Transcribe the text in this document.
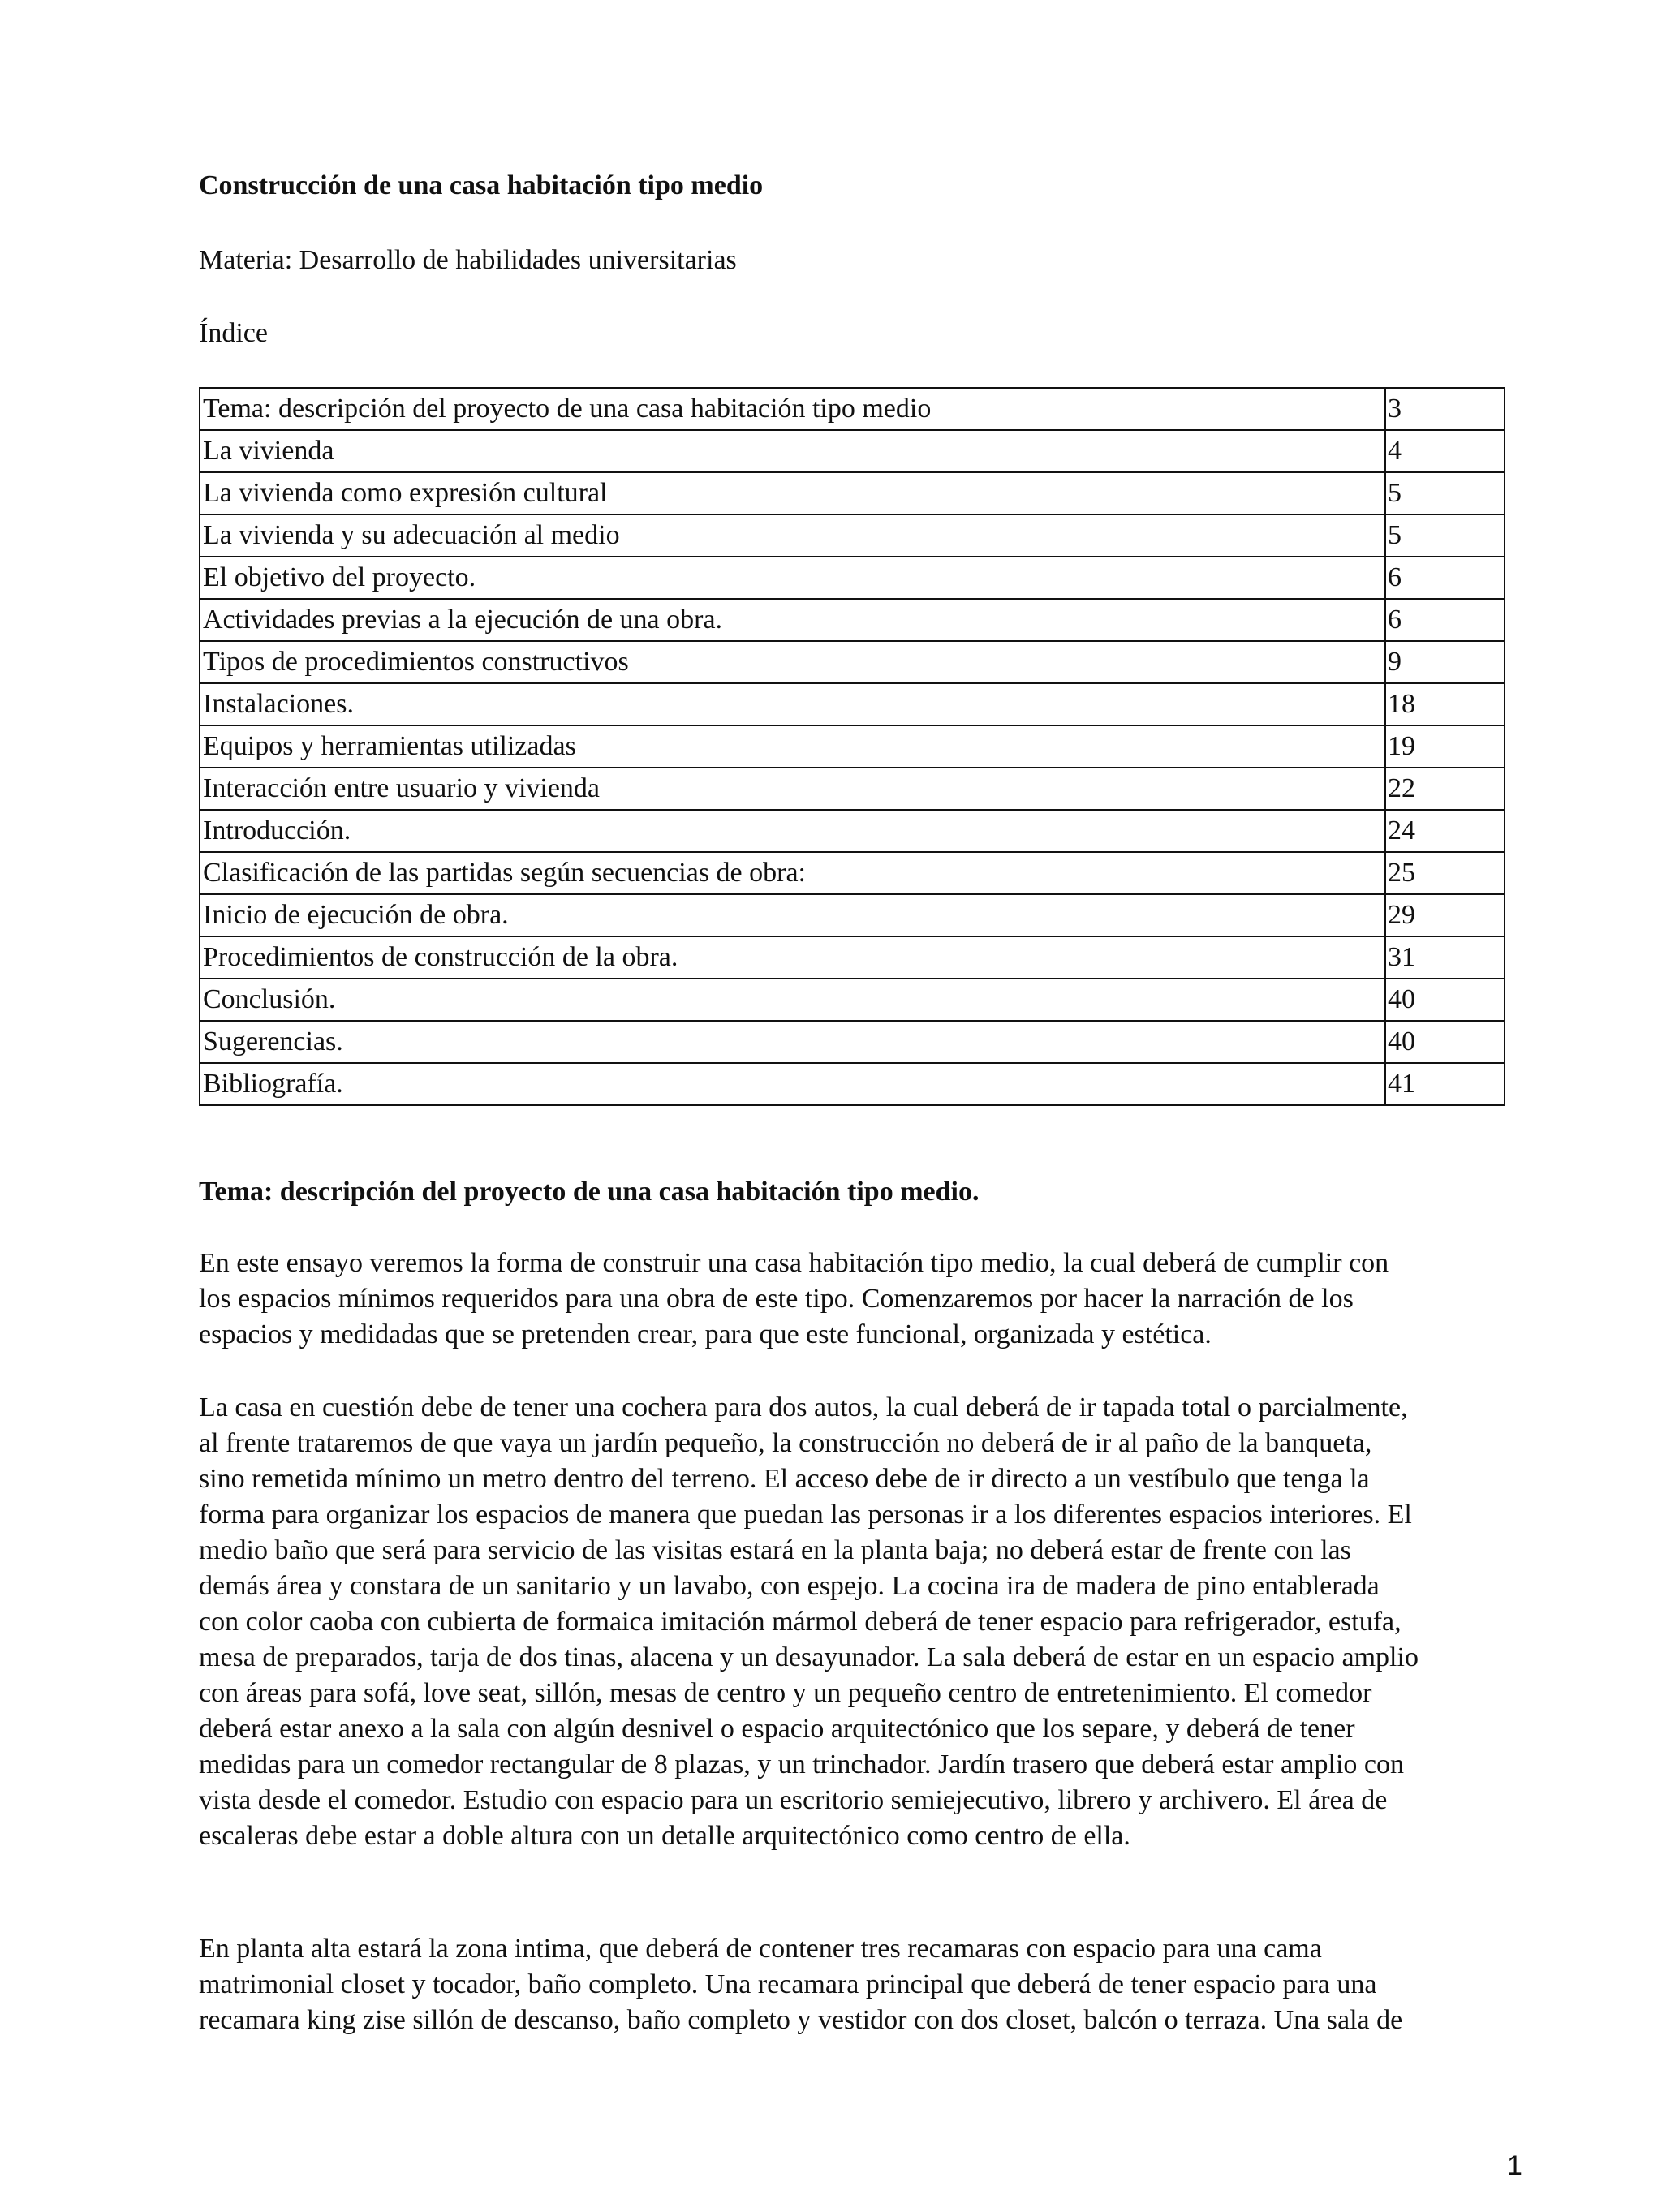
Construcción de una casa habitación tipo medio

Materia: Desarrollo de habilidades universitarias

Índice

Tema: descripción del proyecto de una casa habitación tipo medio	3
La vivienda	4
La vivienda como expresión cultural	5
La vivienda y su adecuación al medio	5
El objetivo del proyecto.	6
Actividades previas a la ejecución de una obra.	6
Tipos de procedimientos constructivos	9
Instalaciones.	18
Equipos y herramientas utilizadas	19
Interacción entre usuario y vivienda	22
Introducción.	24
Clasificación de las partidas según secuencias de obra:	25
Inicio de ejecución de obra.	29
Procedimientos de construcción de la obra.	31
Conclusión.	40
Sugerencias.	40
Bibliografía.	41
Tema: descripción del proyecto de una casa habitación tipo medio.
En este ensayo veremos la forma de construir una casa habitación tipo medio, la cual deberá de cumplir con
los espacios mínimos requeridos para una obra de este tipo. Comenzaremos por hacer la narración de los
espacios y medidadas que se pretenden crear, para que este funcional, organizada y estética.
La casa en cuestión debe de tener una cochera para dos autos, la cual deberá de ir tapada total o parcialmente,
al frente trataremos de que vaya un jardín pequeño, la construcción no deberá de ir al paño de la banqueta,
sino remetida mínimo un metro dentro del terreno. El acceso debe de ir directo a un vestíbulo que tenga la
forma para organizar los espacios de manera que puedan las personas ir a los diferentes espacios interiores. El
medio baño que será para servicio de las visitas estará en la planta baja; no deberá estar de frente con las
demás área y constara de un sanitario y un lavabo, con espejo. La cocina ira de madera de pino entablerada
con color caoba con cubierta de formaica imitación mármol deberá de tener espacio para refrigerador, estufa,
mesa de preparados, tarja de dos tinas, alacena y un desayunador. La sala deberá de estar en un espacio amplio
con áreas para sofá, love seat, sillón, mesas de centro y un pequeño centro de entretenimiento. El comedor
deberá estar anexo a la sala con algún desnivel o espacio arquitectónico que los separe, y deberá de tener
medidas para un comedor rectangular de 8 plazas, y un trinchador. Jardín trasero que deberá estar amplio con
vista desde el comedor. Estudio con espacio para un escritorio semiejecutivo, librero y archivero. El área de
escaleras debe estar a doble altura con un detalle arquitectónico como centro de ella.
En planta alta estará la zona intima, que deberá de contener tres recamaras con espacio para una cama
matrimonial closet y tocador, baño completo. Una recamara principal que deberá de tener espacio para una
recamara king zise sillón de descanso, baño completo y vestidor con dos closet, balcón o terraza. Una sala de

1
